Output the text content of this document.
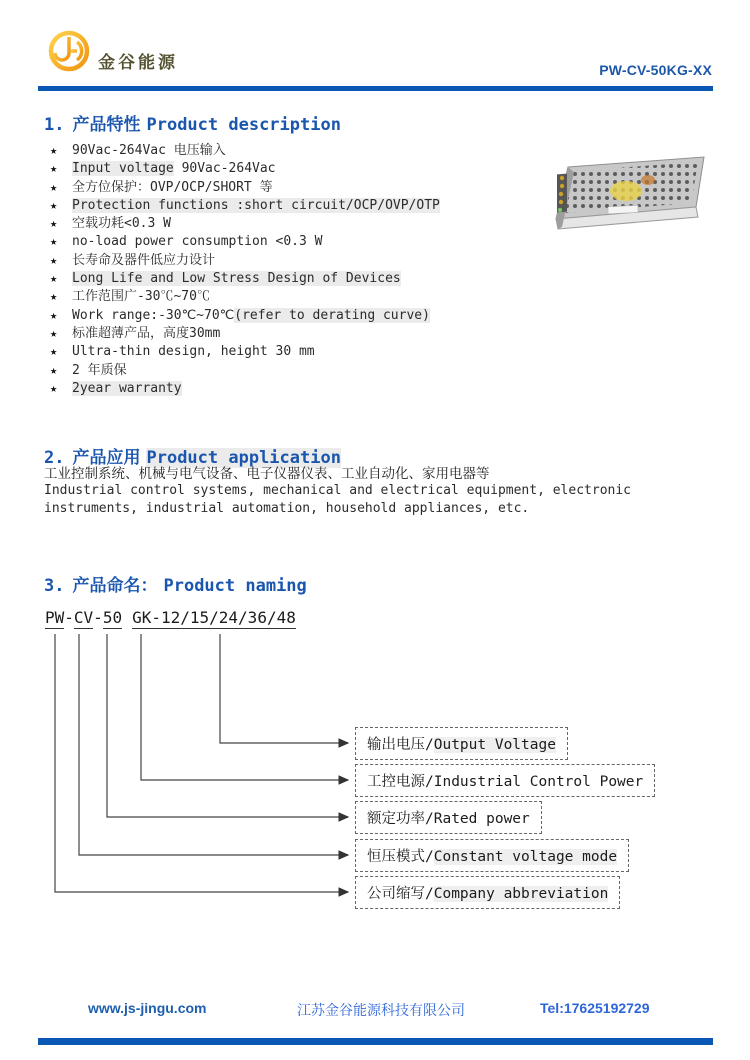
金谷能源	PW-CV-50KG-XX
1. 产品特性 Product description
★ 90Vac-264Vac 电压输入
★ Input voltage 90Vac-264Vac
★ 全方位保护：OVP/OCP/SHORT 等
★ Protection functions :short circuit/OCP/OVP/OTP
★ 空载功耗<0.3 W
★ no-load power consumption <0.3 W
★ 长寿命及器件低应力设计
★ Long Life and Low Stress Design of Devices
★ 工作范围广-30℃~70℃
★ Work range:-30℃~70℃(refer to derating curve)
★ 标准超薄产品，高度30mm
★ Ultra-thin design, height 30 mm
★ 2 年质保
★ 2year warranty
2. 产品应用 Product application
工业控制系统、机械与电气设备、电子仪器仪表、工业自动化、家用电器等
Industrial control systems, mechanical and electrical equipment, electronic instruments, industrial automation, household appliances, etc.
3. 产品命名： Product naming
PW-CV-50 GK-12/15/24/36/48
输出电压/Output Voltage
工控电源/Industrial Control Power
额定功率/Rated power
恒压模式/Constant voltage mode
公司缩写/Company abbreviation
www.js-jingu.com	江苏金谷能源科技有限公司	Tel:17625192729
